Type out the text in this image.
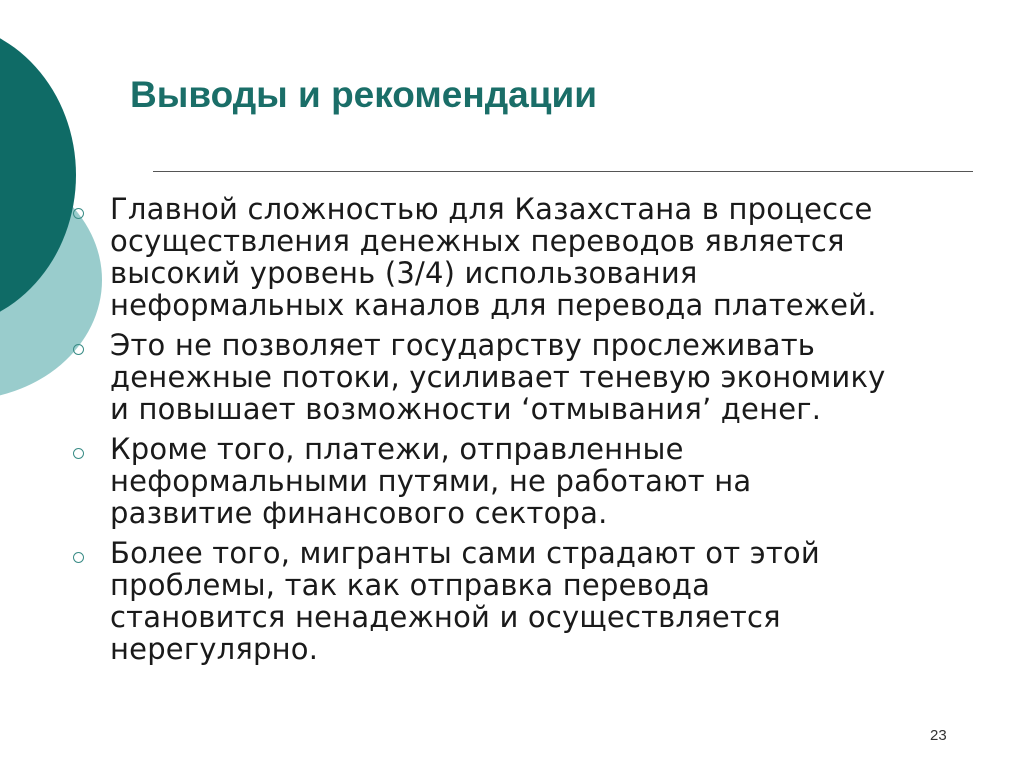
Выводы и рекомендации
Главной сложностью для Казахстана в процессе
осуществления денежных переводов является
высокий уровень (3/4) использования
неформальных каналов для перевода платежей.
Это не позволяет государству прослеживать
денежные потоки, усиливает теневую экономику
и повышает возможности ‘отмывания’ денег.
Кроме того, платежи, отправленные
неформальными путями, не работают на
развитие финансового сектора.
Более того, мигранты сами страдают от этой
проблемы, так как отправка перевода
становится ненадежной и осуществляется
нерегулярно.
23
